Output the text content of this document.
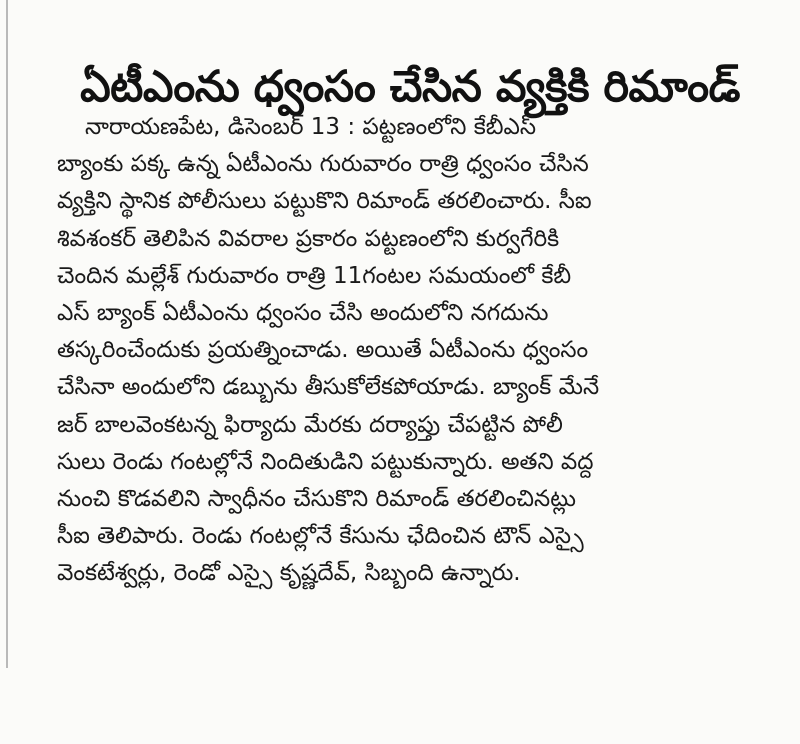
ఏటీఎంను ధ్వంసం చేసిన వ్యక్తికి రిమాండ్
నారాయణపేట, డిసెంబర్ 13 : పట్టణంలోని కేబీఎస్
బ్యాంకు పక్క ఉన్న ఏటీఎంను గురువారం రాత్రి ధ్వంసం చేసిన
వ్యక్తిని స్థానిక పోలీసులు పట్టుకొని రిమాండ్ తరలించారు. సీఐ
శివశంకర్ తెలిపిన వివరాల ప్రకారం పట్టణంలోని కుర్వగేరికి
చెందిన మల్లేశ్ గురువారం రాత్రి 11గంటల సమయంలో కేబీ
ఎస్ బ్యాంక్ ఏటీఎంను ధ్వంసం చేసి అందులోని నగదును
తస్కరించేందుకు ప్రయత్నించాడు. అయితే ఏటీఎంను ధ్వంసం
చేసినా అందులోని డబ్బును తీసుకోలేకపోయాడు. బ్యాంక్ మేనే
జర్ బాలవెంకటన్న ఫిర్యాదు మేరకు దర్యాప్తు చేపట్టిన పోలీ
సులు రెండు గంటల్లోనే నిందితుడిని పట్టుకున్నారు. అతని వద్ద
నుంచి కొడవలిని స్వాధీనం చేసుకొని రిమాండ్ తరలించినట్లు
సీఐ తెలిపారు. రెండు గంటల్లోనే కేసును ఛేదించిన టౌన్ ఎస్సై
వెంకటేశ్వర్లు, రెండో ఎస్సై కృష్ణదేవ్, సిబ్బంది ఉన్నారు.
